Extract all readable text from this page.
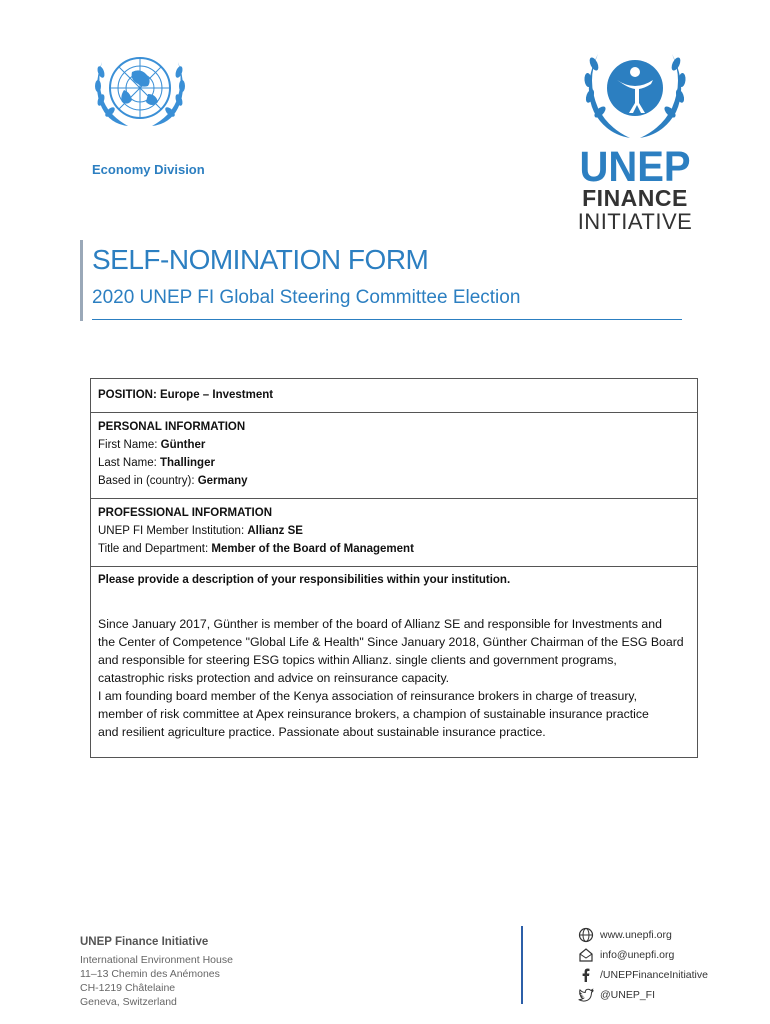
Economy Division	UNEP
FINANCE
INITIATIVE
SELF-NOMINATION FORM
2020 UNEP FI Global Steering Committee Election
POSITION: Europe – Investment
PERSONAL INFORMATION
First Name: Günther
Last Name: Thallinger
Based in (country): Germany
PROFESSIONAL INFORMATION
UNEP FI Member Institution: Allianz SE
Title and Department: Member of the Board of Management
Please provide a description of your responsibilities within your institution.
Since January 2017, Günther is member of the board of Allianz SE and responsible for Investments and
the Center of Competence "Global Life & Health" Since January 2018, Günther Chairman of the ESG Board
and responsible for steering ESG topics within Allianz. single clients and government programs,
catastrophic risks protection and advice on reinsurance capacity.
I am founding board member of the Kenya association of reinsurance brokers in charge of treasury,
member of risk committee at Apex reinsurance brokers, a champion of sustainable insurance practice
and resilient agriculture practice. Passionate about sustainable insurance practice.
UNEP Finance Initiative
International Environment House
11–13 Chemin des Anémones
CH-1219 Châtelaine
Geneva, Switzerland
www.unepfi.org
info@unepfi.org
/UNEPFinanceInitiative
@UNEP_FI
